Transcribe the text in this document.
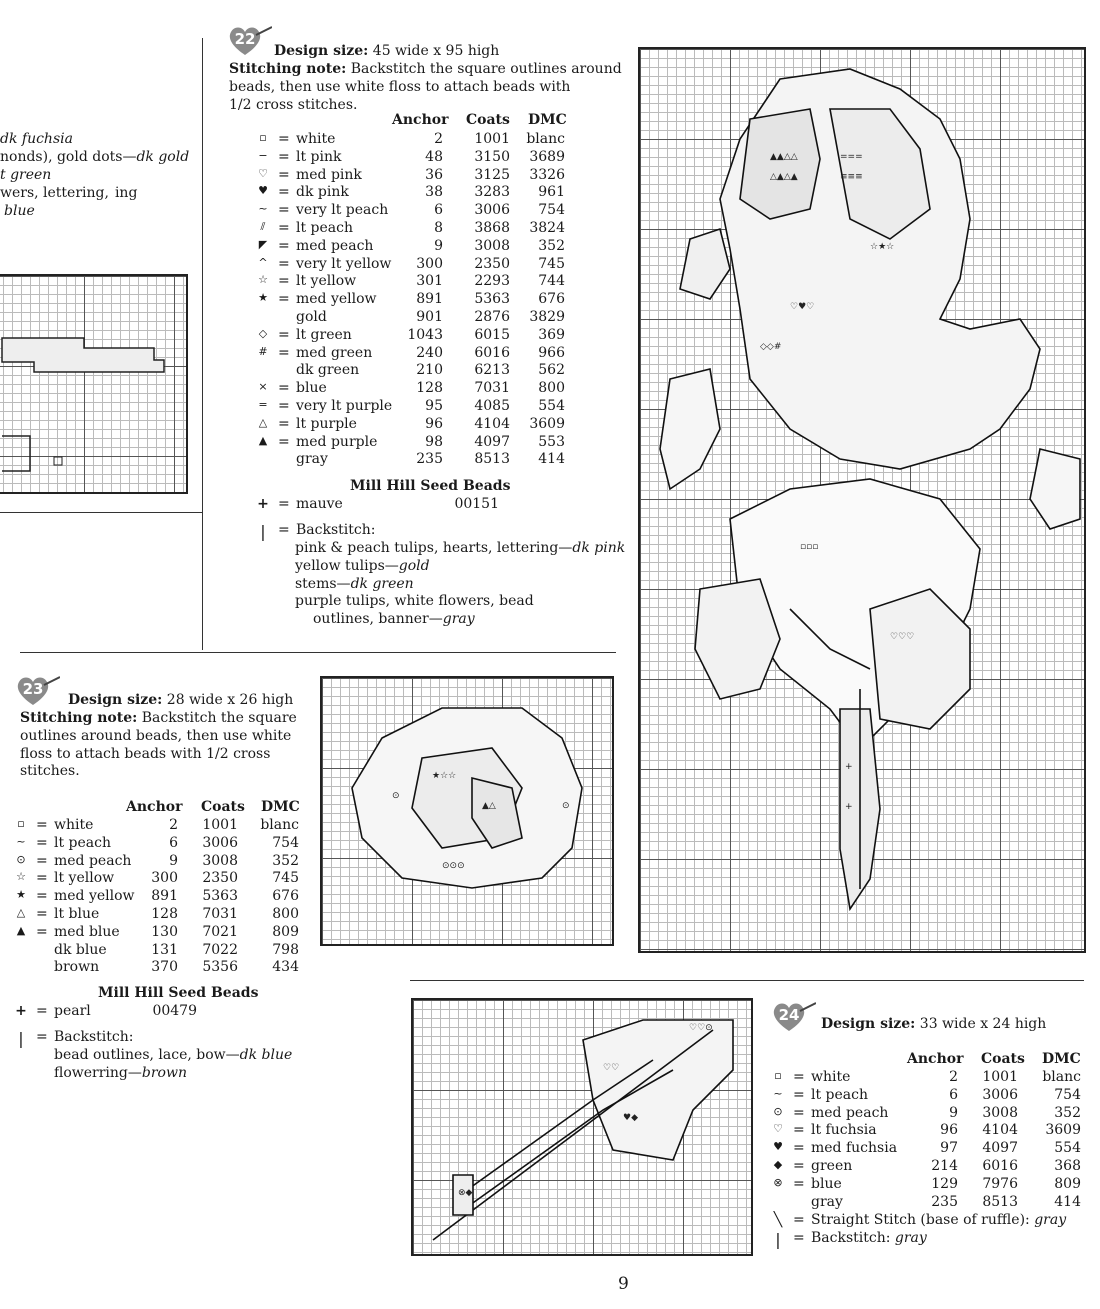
dk fuchsia
nonds), gold dots—dk gold
t green
wers, lettering, ing
blue
22
Design size: 45 wide x 95 high
Stitching note: Backstitch the square outlines around
beads, then use white floss to attach beads with
1/2 cross stitches.
Anchor Coats DMC
▫ = white	2	1001	blanc
− = lt pink	48	3150	3689
♡ = med pink	36	3125	3326
♥ = dk pink	38	3283	961
~ = very lt peach	6	3006	754
⫽ = lt peach	8	3868	3824
◤ = med peach	9	3008	352
^ = very lt yellow	300	2350	745
☆ = lt yellow	301	2293	744
★ = med yellow	891	5363	676
gold	901	2876	3829
◇ = lt green	1043	6015	369
# = med green	240	6016	966
dk green	210	6213	562
× = blue	128	7031	800
= = very lt purple	95	4085	554
△ = lt purple	96	4104	3609
▲ = med purple	98	4097	553
gray	235	8513	414
Mill Hill Seed Beads
+ = mauve	00151
| = Backstitch:
pink & peach tulips, hearts, lettering—dk pink
yellow tulips—gold
stems—dk green
purple tulips, white flowers, bead
outlines, banner—gray
▲▲△△
△▲△▲
===
≡≡≡
☆★☆
♡♥♡
◇◇#
▫▫▫
♡♡♡
+
+
23
Design size: 28 wide x 26 high
Stitching note: Backstitch the square
outlines around beads, then use white
floss to attach beads with 1/2 cross
stitches.
Anchor Coats DMC
▫ = white	2	1001	blanc
~ = lt peach	6	3006	754
⊙ = med peach	9	3008	352
☆ = lt yellow	300	2350	745
★ = med yellow	891	5363	676
△ = lt blue	128	7031	800
▲ = med blue	130	7021	809
dk blue	131	7022	798
brown	370	5356	434
Mill Hill Seed Beads
+ = pearl	00479
| = Backstitch:
bead outlines, lace, bow—dk blue
flowerring—brown
★☆☆
▲△
⊙
⊙
⊙⊙⊙
♡♡⊙
♡♡
♥◆
⊗◆
24	Design size: 33 wide x 24 high
Anchor Coats DMC
▫ = white	2	1001	blanc
~ = lt peach	6	3006	754
⊙ = med peach	9	3008	352
♡ = lt fuchsia	96	4104	3609
♥ = med fuchsia	97	4097	554
◆ = green	214	6016	368
⊗ = blue	129	7976	809
gray	235	8513	414
╲ = Straight Stitch (base of ruffle): gray
| = Backstitch: gray
9
